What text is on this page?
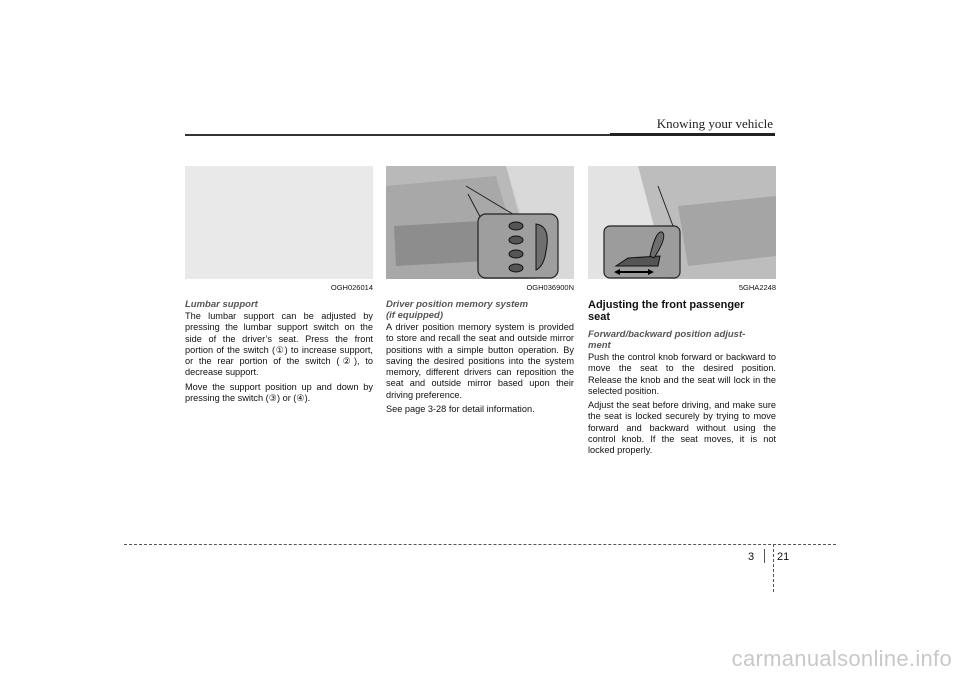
Knowing your vehicle
OGH026014
Lumbar support

The lumbar support can be adjusted by pressing the lumbar support switch on the side of the driver’s seat. Press the front portion of the switch (①) to increase support, or the rear portion of the switch (②), to decrease support.

Move the support position up and down by pressing the switch (③) or (④).

OGH036900N
Driver position memory system
(if equipped)

A driver position memory system is provided to store and recall the seat and outside mirror positions with a simple button operation. By saving the desired positions into the system memory, different drivers can reposition the seat and outside mirror based upon their driving preference.

See page 3-28 for detail information.

5GHA2248
Adjusting the front passenger
seat
Forward/backward position adjust-
ment

Push the control knob forward or backward to move the seat to the desired position. Release the knob and the seat will lock in the selected position.

Adjust the seat before driving, and make sure the seat is locked securely by trying to move forward and backward without using the control knob. If the seat moves, it is not locked properly.

3 21
carmanualsonline.info
